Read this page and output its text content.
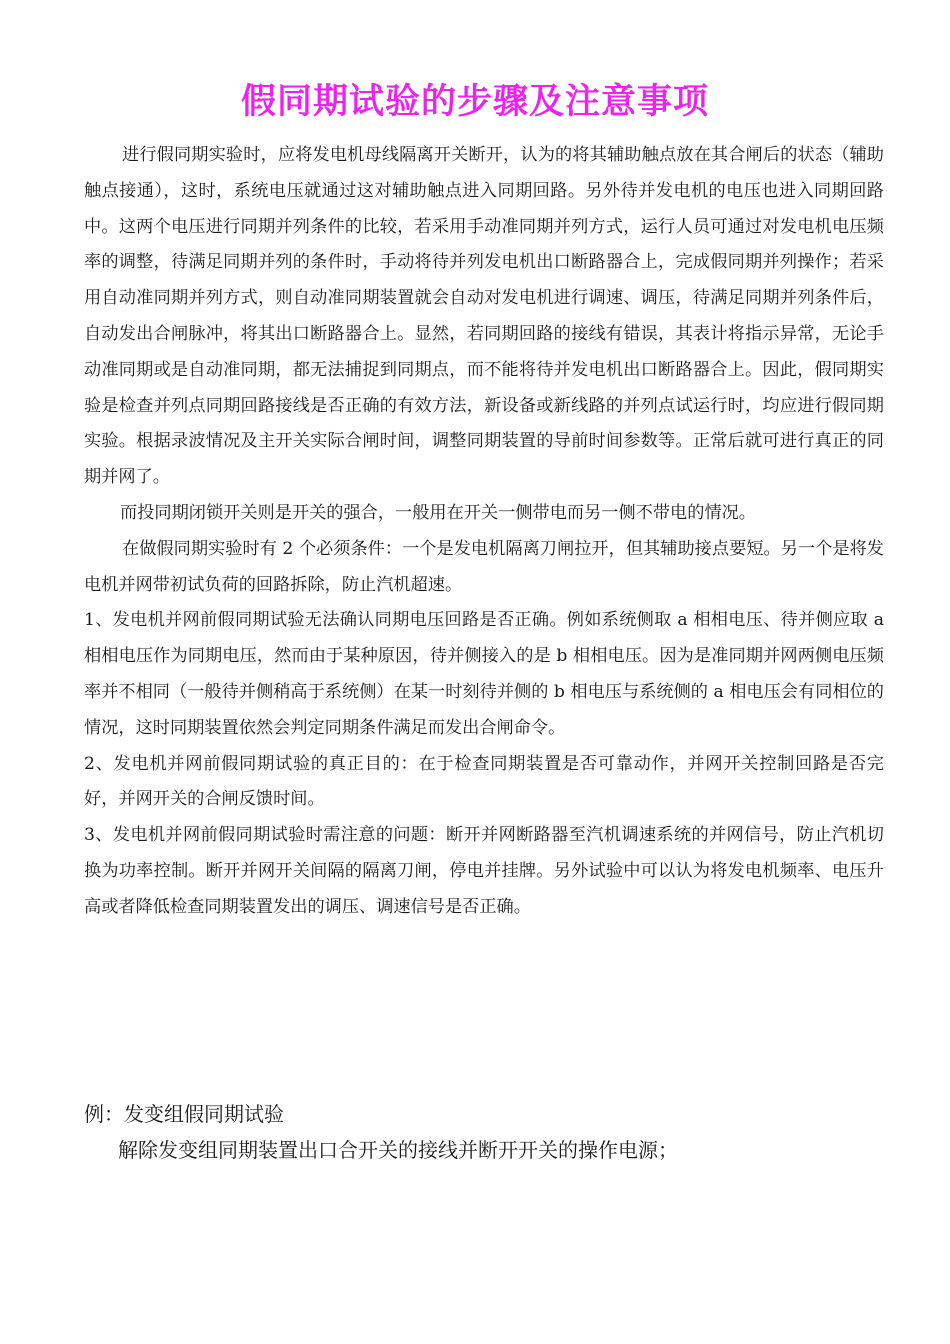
假同期试验的步骤及注意事项

进行假同期实验时，应将发电机母线隔离开关断开，认为的将其辅助触点放在其合闸后的状态（辅助触点接通），这时，系统电压就通过这对辅助触点进入同期回路。另外待并发电机的电压也进入同期回路中。这两个电压进行同期并列条件的比较，若采用手动准同期并列方式，运行人员可通过对发电机电压频率的调整，待满足同期并列的条件时，手动将待并列发电机出口断路器合上，完成假同期并列操作；若采用自动准同期并列方式，则自动准同期装置就会自动对发电机进行调速、调压，待满足同期并列条件后，自动发出合闸脉冲，将其出口断路器合上。显然，若同期回路的接线有错误，其表计将指示异常，无论手动准同期或是自动准同期，都无法捕捉到同期点，而不能将待并发电机出口断路器合上。因此，假同期实验是检查并列点同期回路接线是否正确的有效方法，新设备或新线路的并列点试运行时，均应进行假同期实验。根据录波情况及主开关实际合闸时间，调整同期装置的导前时间参数等。正常后就可进行真正的同期并网了。

而投同期闭锁开关则是开关的强合，一般用在开关一侧带电而另一侧不带电的情况。

在做假同期实验时有 2 个必须条件：一个是发电机隔离刀闸拉开，但其辅助接点要短。另一个是将发电机并网带初试负荷的回路拆除，防止汽机超速。

1、发电机并网前假同期试验无法确认同期电压回路是否正确。例如系统侧取 a 相相电压、待并侧应取 a 相相电压作为同期电压，然而由于某种原因，待并侧接入的是 b 相相电压。因为是准同期并网两侧电压频率并不相同（一般待并侧稍高于系统侧）在某一时刻待并侧的 b 相电压与系统侧的 a 相电压会有同相位的情况，这时同期装置依然会判定同期条件满足而发出合闸命令。

2、发电机并网前假同期试验的真正目的：在于检查同期装置是否可靠动作，并网开关控制回路是否完好，并网开关的合闸反馈时间。

3、发电机并网前假同期试验时需注意的问题：断开并网断路器至汽机调速系统的并网信号，防止汽机切换为功率控制。断开并网开关间隔的隔离刀闸，停电并挂牌。另外试验中可以认为将发电机频率、电压升高或者降低检查同期装置发出的调压、调速信号是否正确。

例：发变组假同期试验

解除发变组同期装置出口合开关的接线并断开开关的操作电源；
